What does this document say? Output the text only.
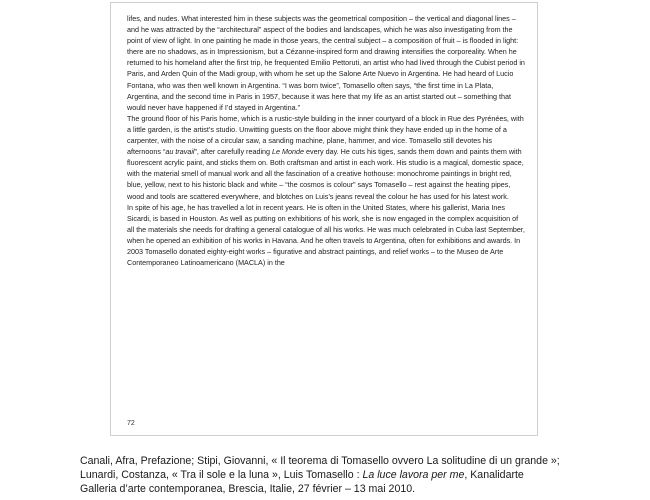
lifes, and nudes. What interested him in these subjects was the geometrical composition – the vertical and diagonal lines – and he was attracted by the “architectural” aspect of the bodies and landscapes, which he was also investigating from the point of view of light. In one painting he made in those years, the central subject – a composition of fruit – is flooded in light: there are no shadows, as in Impressionism, but a Cézanne-inspired form and drawing intensifies the corporeality. When he returned to his homeland after the first trip, he frequented Emilio Pettoruti, an artist who had lived through the Cubist period in Paris, and Arden Quin of the Madi group, with whom he set up the Salone Arte Nuevo in Argentina. He had heard of Lucio Fontana, who was then well known in Argentina. “I was born twice”, Tomasello often says, “the first time in La Plata, Argentina, and the second time in Paris in 1957, because it was here that my life as an artist started out – something that would never have happened if I’d stayed in Argentina.”

The ground floor of his Paris home, which is a rustic-style building in the inner courtyard of a block in Rue des Pyrénées, with a little garden, is the artist’s studio. Unwitting guests on the floor above might think they have ended up in the home of a carpenter, with the noise of a circular saw, a sanding machine, plane, hammer, and vice. Tomasello still devotes his afternoons “au travail”, after carefully reading Le Monde every day. He cuts his tiges, sands them down and paints them with fluorescent acrylic paint, and sticks them on. Both craftsman and artist in each work. His studio is a magical, domestic space, with the material smell of manual work and all the fascination of a creative hothouse: monochrome paintings in bright red, blue, yellow, next to his historic black and white – “the cosmos is colour” says Tomasello – rest against the heating pipes, wood and tools are scattered everywhere, and blotches on Luis’s jeans reveal the colour he has used for his latest work.

In spite of his age, he has travelled a lot in recent years. He is often in the United States, where his gallerist, Maria Ines Sicardi, is based in Houston. As well as putting on exhibitions of his work, she is now engaged in the complex acquisition of all the materials she needs for drafting a general catalogue of all his works. He was much celebrated in Cuba last September, when he opened an exhibition of his works in Havana. And he often travels to Argentina, often for exhibitions and awards. In 2003 Tomasello donated eighty-eight works – figurative and abstract paintings, and relief works – to the Museo de Arte Contemporaneo Latinoamericano (MACLA) in the

72

Canali, Afra, Prefazione; Stipi, Giovanni, « Il teorema di Tomasello ovvero La solitudine di un grande »;

Lunardi, Costanza, « Tra il sole e la luna », Luis Tomasello : La luce lavora per me, Kanalidarte

Galleria d’arte contemporanea, Brescia, Italie, 27 février – 13 mai 2010.
